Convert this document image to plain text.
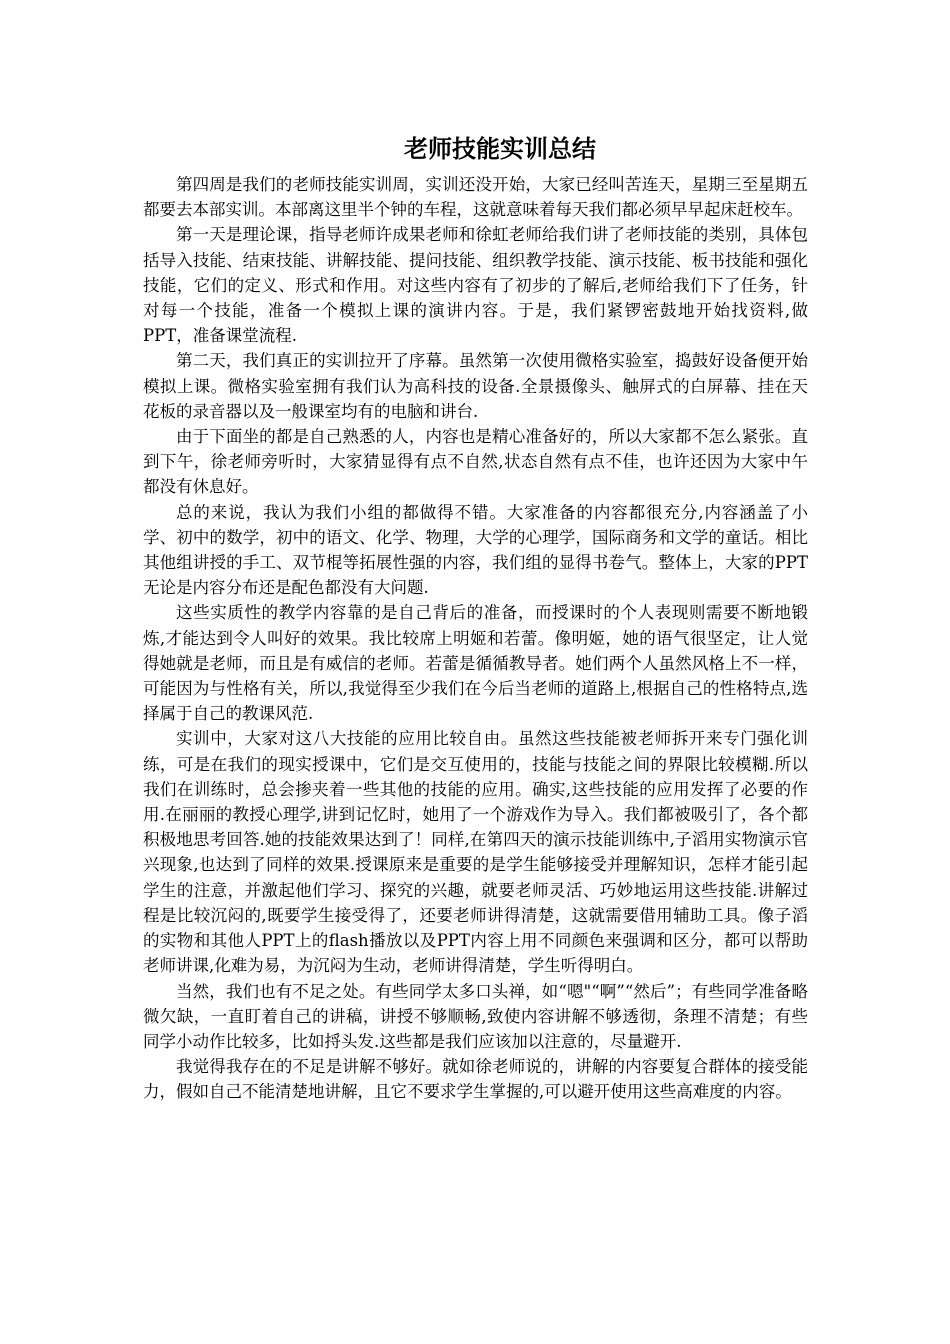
老师技能实训总结

第四周是我们的老师技能实训周，实训还没开始，大家已经叫苦连天，星期三至星期五都要去本部实训。本部离这里半个钟的车程，这就意味着每天我们都必须早早起床赶校车。

第一天是理论课，指导老师许成果老师和徐虹老师给我们讲了老师技能的类别，具体包括导入技能、结束技能、讲解技能、提问技能、组织教学技能、演示技能、板书技能和强化技能，它们的定义、形式和作用。对这些内容有了初步的了解后,老师给我们下了任务，针对每一个技能，准备一个模拟上课的演讲内容。于是，我们紧锣密鼓地开始找资料,做PPT，准备课堂流程.

第二天，我们真正的实训拉开了序幕。虽然第一次使用微格实验室，捣鼓好设备便开始模拟上课。微格实验室拥有我们认为高科技的设备.全景摄像头、触屏式的白屏幕、挂在天花板的录音器以及一般课室均有的电脑和讲台.

由于下面坐的都是自己熟悉的人，内容也是精心准备好的，所以大家都不怎么紧张。直到下午，徐老师旁听时，大家猜显得有点不自然,状态自然有点不佳，也许还因为大家中午都没有休息好。

总的来说，我认为我们小组的都做得不错。大家准备的内容都很充分,内容涵盖了小学、初中的数学，初中的语文、化学、物理，大学的心理学，国际商务和文学的童话。相比其他组讲授的手工、双节棍等拓展性强的内容，我们组的显得书卷气。整体上，大家的PPT无论是内容分布还是配色都没有大问题.

这些实质性的教学内容靠的是自己背后的准备，而授课时的个人表现则需要不断地锻炼,才能达到令人叫好的效果。我比较席上明姬和若蕾。像明姬，她的语气很坚定，让人觉得她就是老师，而且是有威信的老师。若蕾是循循教导者。她们两个人虽然风格上不一样，可能因为与性格有关，所以,我觉得至少我们在今后当老师的道路上,根据自己的性格特点,选择属于自己的教课风范.

实训中，大家对这八大技能的应用比较自由。虽然这些技能被老师拆开来专门强化训练，可是在我们的现实授课中，它们是交互使用的，技能与技能之间的界限比较模糊.所以我们在训练时，总会掺夹着一些其他的技能的应用。确实,这些技能的应用发挥了必要的作用.在丽丽的教授心理学,讲到记忆时，她用了一个游戏作为导入。我们都被吸引了，各个都积极地思考回答.她的技能效果达到了！同样,在第四天的演示技能训练中,子滔用实物演示官兴现象,也达到了同样的效果.授课原来是重要的是学生能够接受并理解知识，怎样才能引起学生的注意，并激起他们学习、探究的兴趣，就要老师灵活、巧妙地运用这些技能.讲解过程是比较沉闷的,既要学生接受得了，还要老师讲得清楚，这就需要借用辅助工具。像子滔的实物和其他人PPT上的flash播放以及PPT内容上用不同颜色来强调和区分，都可以帮助老师讲课,化难为易，为沉闷为生动，老师讲得清楚，学生听得明白。

当然，我们也有不足之处。有些同学太多口头禅，如“嗯"“啊”“然后”；有些同学准备略微欠缺，一直盯着自己的讲稿，讲授不够顺畅,致使内容讲解不够透彻，条理不清楚；有些同学小动作比较多，比如捋头发.这些都是我们应该加以注意的，尽量避开.

我觉得我存在的不足是讲解不够好。就如徐老师说的，讲解的内容要复合群体的接受能力，假如自己不能清楚地讲解，且它不要求学生掌握的,可以避开使用这些高难度的内容。
